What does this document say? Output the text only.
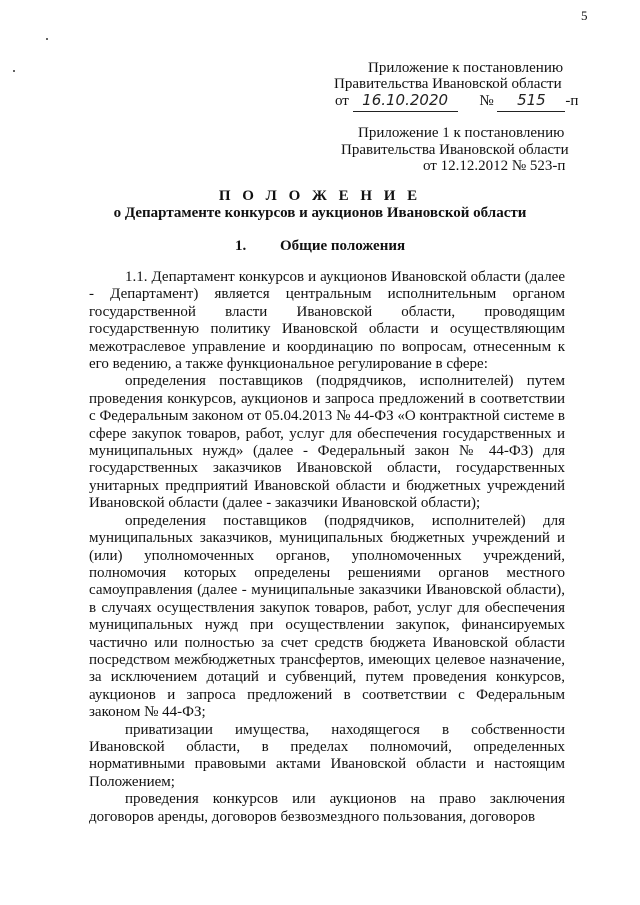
5
Приложение к постановлению
Правительства Ивановской области
от 16.10.2020 № 515 -п
Приложение 1 к постановлению
Правительства Ивановской области
от 12.12.2012 № 523-п
П О Л О Ж Е Н И Е
о Департаменте конкурсов и аукционов Ивановской области
1. Общие положения

1.1. Департамент конкурсов и аукционов Ивановской области (далее - Департамент) является центральным исполнительным органом государственной власти Ивановской области, проводящим государственную политику Ивановской области и осуществляющим межотраслевое управление и координацию по вопросам, отнесенным к его ведению, а также функциональное регулирование в сфере:

определения поставщиков (подрядчиков, исполнителей) путем проведения конкурсов, аукционов и запроса предложений в соответствии с Федеральным законом от 05.04.2013 № 44-ФЗ «О контрактной системе в сфере закупок товаров, работ, услуг для обеспечения государственных и муниципальных нужд» (далее - Федеральный закон № 44-ФЗ) для государственных заказчиков Ивановской области, государственных унитарных предприятий Ивановской области и бюджетных учреждений Ивановской области (далее - заказчики Ивановской области);

определения поставщиков (подрядчиков, исполнителей) для муниципальных заказчиков, муниципальных бюджетных учреждений и (или) уполномоченных органов, уполномоченных учреждений, полномочия которых определены решениями органов местного самоуправления (далее - муниципальные заказчики Ивановской области), в случаях осуществления закупок товаров, работ, услуг для обеспечения муниципальных нужд при осуществлении закупок, финансируемых частично или полностью за счет средств бюджета Ивановской области посредством межбюджетных трансфертов, имеющих целевое назначение, за исключением дотаций и субвенций, путем проведения конкурсов, аукционов и запроса предложений в соответствии с Федеральным законом № 44-ФЗ;

приватизации имущества, находящегося в собственности Ивановской области, в пределах полномочий, определенных нормативными правовыми актами Ивановской области и настоящим Положением;

проведения конкурсов или аукционов на право заключения договоров аренды, договоров безвозмездного пользования, договоров
